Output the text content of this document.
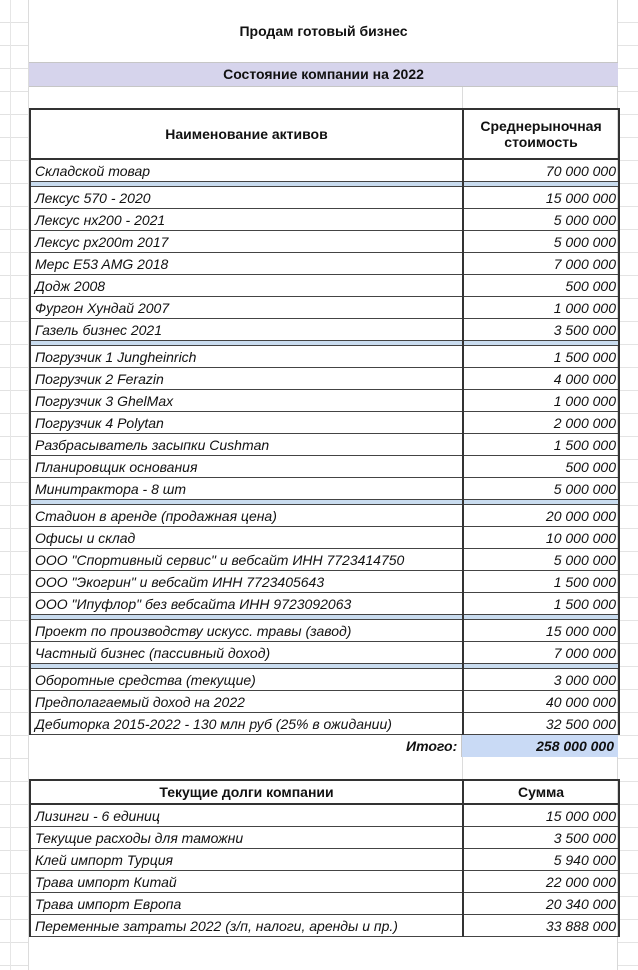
Продам готовый бизнес
Состояние компании на 2022
Наименование активов	Среднерыночная стоимость
Складской товар	70 000 000

Лексус 570 - 2020	15 000 000
Лексус нх200 - 2021	5 000 000
Лексус px200т 2017	5 000 000
Мерс E53 AMG 2018	7 000 000
Додж 2008	500 000
Фургон Хундай 2007	1 000 000
Газель бизнес 2021	3 500 000

Погрузчик 1 Jungheinrich	1 500 000
Погрузчик 2 Ferazin	4 000 000
Погрузчик 3 GhelMax	1 000 000
Погрузчик 4 Polytan	2 000 000
Разбрасыватель засыпки Cushman	1 500 000
Планировщик основания	500 000
Минитрактора - 8 шт	5 000 000

Стадион в аренде (продажная цена)	20 000 000
Офисы и склад	10 000 000
ООО "Спортивный сервис" и вебсайт ИНН 7723414750	5 000 000
ООО "Экогрин" и вебсайт ИНН 7723405643	1 500 000
ООО "Ипуфлор" без вебсайта ИНН 9723092063	1 500 000

Проект по производству искусс. травы (завод)	15 000 000
Частный бизнес (пассивный доход)	7 000 000

Оборотные средства (текущие)	3 000 000
Предполагаемый доход на 2022	40 000 000
Дебиторка 2015-2022 - 130 млн руб (25% в ожидании)	32 500 000
Итого:	258 000 000
Текущие долги компании	Сумма
Лизинги - 6 единиц	15 000 000
Текущие расходы для таможни	3 500 000
Клей импорт Турция	5 940 000
Трава импорт Китай	22 000 000
Трава импорт Европа	20 340 000
Переменные затраты 2022 (з/п, налоги, аренды и пр.)	33 888 000
